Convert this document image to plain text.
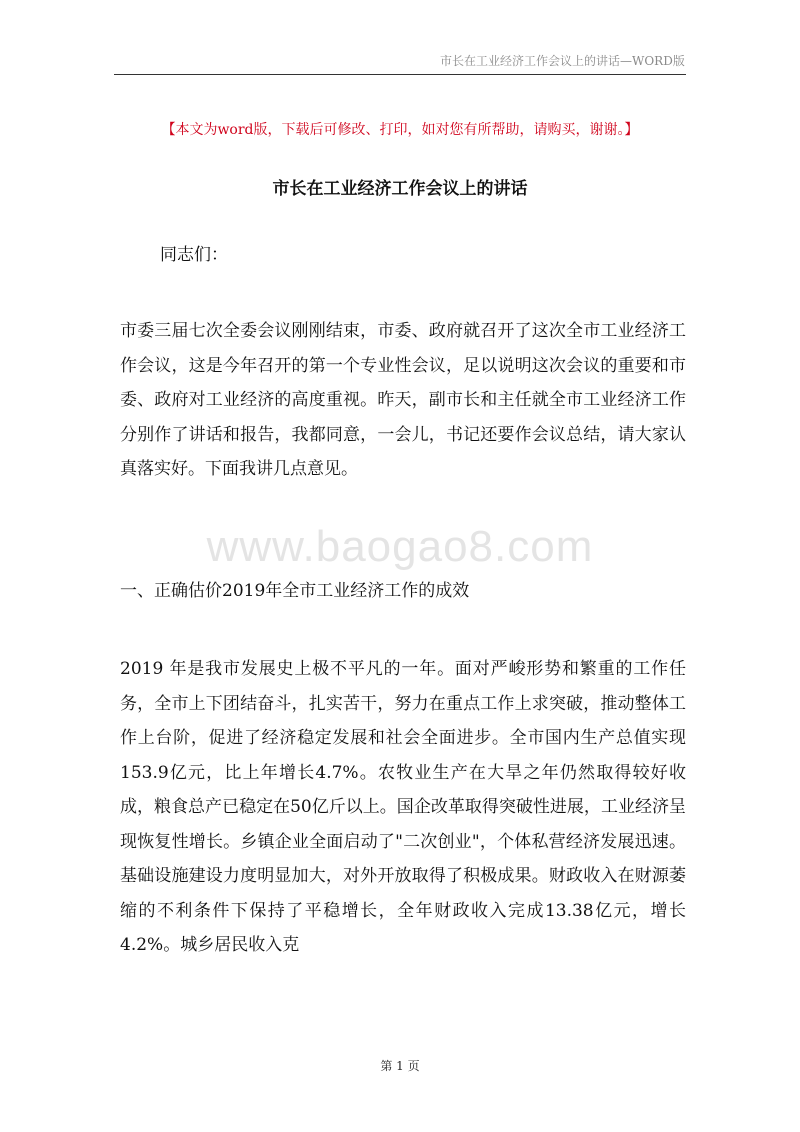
市长在工业经济工作会议上的讲话—WORD版
【本文为word版，下载后可修改、打印，如对您有所帮助，请购买，谢谢。】
市长在工业经济工作会议上的讲话
同志们：

市委三届七次全委会议刚刚结束，市委、政府就召开了这次全市工业经济工作会议，这是今年召开的第一个专业性会议，足以说明这次会议的重要和市委、政府对工业经济的高度重视。昨天，副市长和主任就全市工业经济工作分别作了讲话和报告，我都同意，一会儿，书记还要作会议总结，请大家认真落实好。下面我讲几点意见。

www.baogao8.com
一、正确估价2019年全市工业经济工作的成效

2019 年是我市发展史上极不平凡的一年。面对严峻形势和繁重的工作任务，全市上下团结奋斗，扎实苦干，努力在重点工作上求突破，推动整体工作上台阶，促进了经济稳定发展和社会全面进步。全市国内生产总值实现153.9亿元，比上年增长4.7%。农牧业生产在大旱之年仍然取得较好收成，粮食总产已稳定在50亿斤以上。国企改革取得突破性进展，工业经济呈现恢复性增长。乡镇企业全面启动了"二次创业"，个体私营经济发展迅速。基础设施建设力度明显加大，对外开放取得了积极成果。财政收入在财源萎缩的不利条件下保持了平稳增长，全年财政收入完成13.38亿元，增长4.2%。城乡居民收入克

第 1 页
